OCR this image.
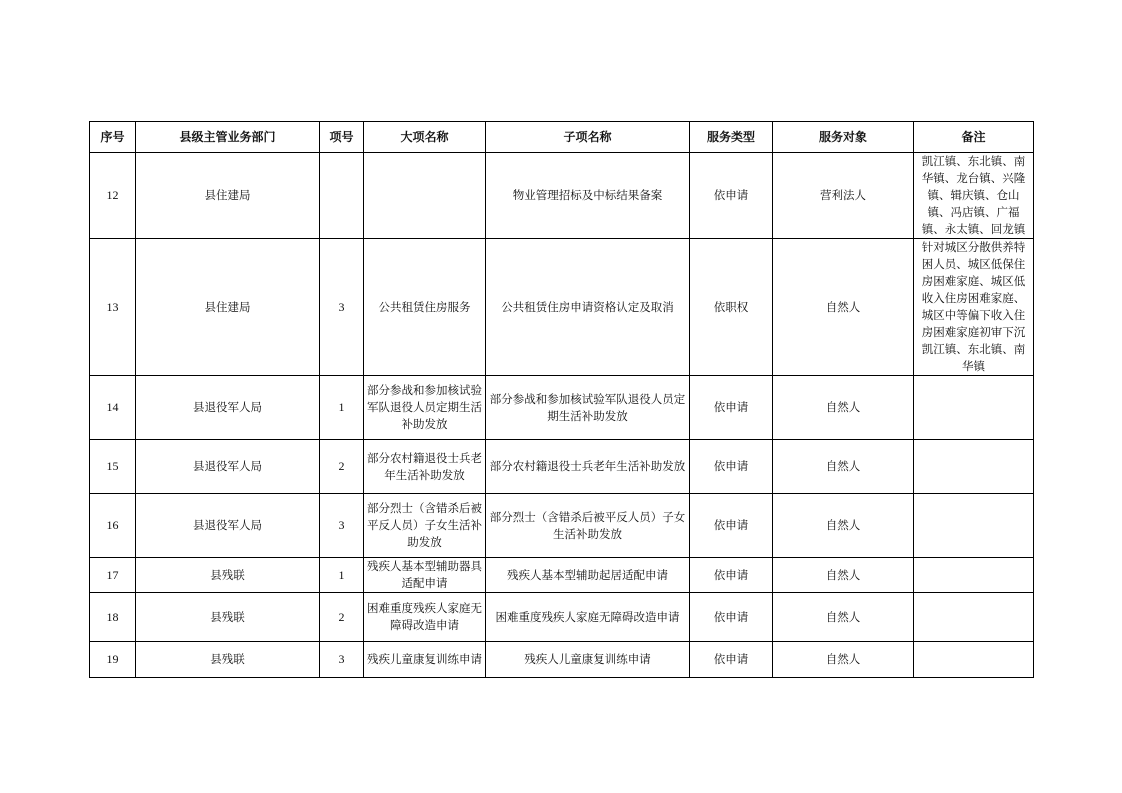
序号	县级主管业务部门	项号	大项名称	子项名称	服务类型	服务对象	备注
12	县住建局			物业管理招标及中标结果备案	依申请	营利法人	凯江镇、东北镇、南华镇、龙台镇、兴隆镇、辑庆镇、仓山镇、冯店镇、广福镇、永太镇、回龙镇
13	县住建局	3	公共租赁住房服务	公共租赁住房申请资格认定及取消	依职权	自然人	针对城区分散供养特困人员、城区低保住房困难家庭、城区低收入住房困难家庭、城区中等偏下收入住房困难家庭初审下沉凯江镇、东北镇、南华镇
14	县退役军人局	1	部分参战和参加核试验军队退役人员定期生活补助发放	部分参战和参加核试验军队退役人员定期生活补助发放	依申请	自然人	
15	县退役军人局	2	部分农村籍退役士兵老年生活补助发放	部分农村籍退役士兵老年生活补助发放	依申请	自然人	
16	县退役军人局	3	部分烈士（含错杀后被平反人员）子女生活补助发放	部分烈士（含错杀后被平反人员）子女生活补助发放	依申请	自然人	
17	县残联	1	残疾人基本型辅助器具适配申请	残疾人基本型辅助起居适配申请	依申请	自然人	
18	县残联	2	困难重度残疾人家庭无障碍改造申请	困难重度残疾人家庭无障碍改造申请	依申请	自然人	
19	县残联	3	残疾儿童康复训练申请	残疾人儿童康复训练申请	依申请	自然人	
